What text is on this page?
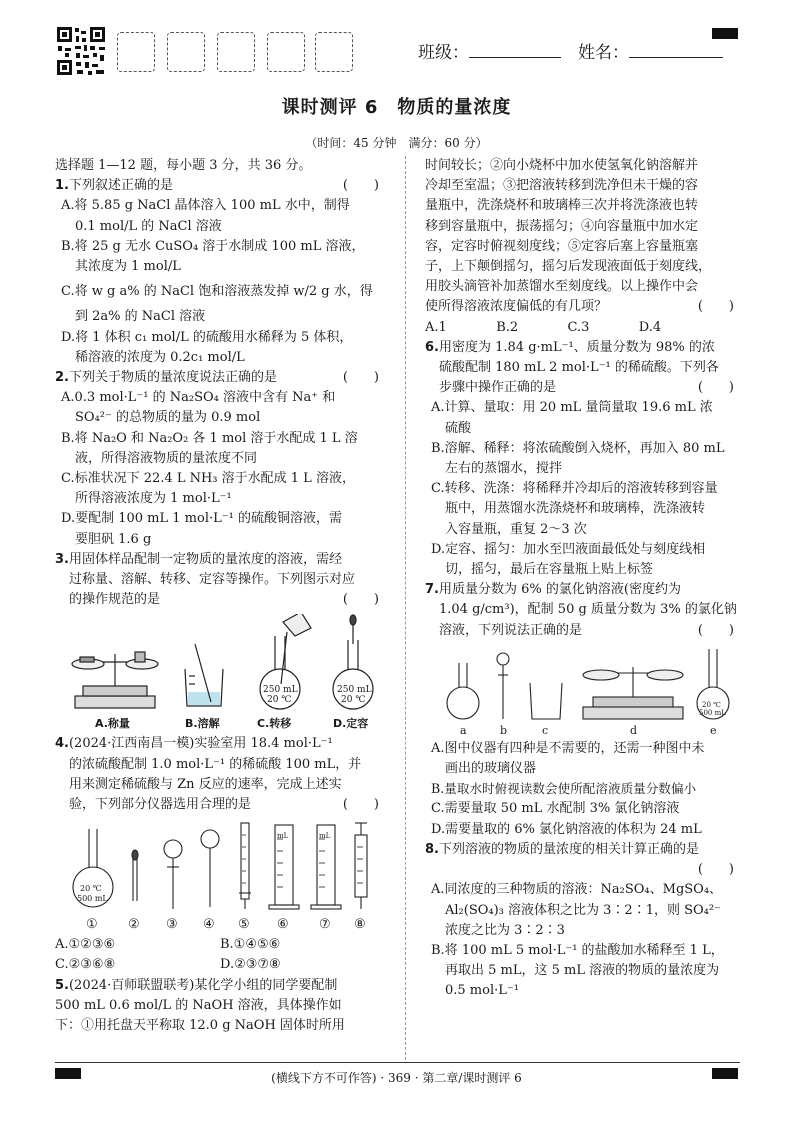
班级：	姓名：
课时测评 6　物质的量浓度
（时间：45 分钟　满分：60 分）
选择题 1—12 题，每小题 3 分，共 36 分。
1.下列叙述正确的是	(　　)
A.将 5.85 g NaCl 晶体溶入 100 mL 水中，制得
0.1 mol/L 的 NaCl 溶液
B.将 25 g 无水 CuSO₄ 溶于水制成 100 mL 溶液，
其浓度为 1 mol/L
C.将 w g a% 的 NaCl 饱和溶液蒸发掉 w/2 g 水，得
到 2a% 的 NaCl 溶液
D.将 1 体积 c₁ mol/L 的硫酸用水稀释为 5 体积，
稀溶液的浓度为 0.2c₁ mol/L
2.下列关于物质的量浓度说法正确的是	(　　)
A.0.3 mol·L⁻¹ 的 Na₂SO₄ 溶液中含有 Na⁺ 和
SO₄²⁻ 的总物质的量为 0.9 mol
B.将 Na₂O 和 Na₂O₂ 各 1 mol 溶于水配成 1 L 溶
液，所得溶液物质的量浓度不同
C.标准状况下 22.4 L NH₃ 溶于水配成 1 L 溶液，
所得溶液浓度为 1 mol·L⁻¹
D.要配制 100 mL 1 mol·L⁻¹ 的硫酸铜溶液，需
要胆矾 1.6 g
3.用固体样品配制一定物质的量浓度的溶液，需经
过称量、溶解、转移、定容等操作。下列图示对应
的操作规范的是	(　　)
250 mL
20 ℃
250 mL
20 ℃
A.称量	B.溶解	C.转移	D.定容
4.(2024·江西南昌一模)实验室用 18.4 mol·L⁻¹
的浓硫酸配制 1.0 mol·L⁻¹ 的稀硫酸 100 mL，并
用来测定稀硫酸与 Zn 反应的速率，完成上述实
验，下列部分仪器选用合理的是	(　　)
20 ℃
500 mL
mL	mL
① ② ③ ④ ⑤ ⑥ ⑦ ⑧
A.①②③⑥	B.①④⑤⑥
C.②③⑥⑧	D.②③⑦⑧
5.(2024·百师联盟联考)某化学小组的同学要配制
500 mL 0.6 mol/L 的 NaOH 溶液，具体操作如
下：①用托盘天平称取 12.0 g NaOH 固体时所用
时间较长；②向小烧杯中加水使氢氧化钠溶解并
冷却至室温；③把溶液转移到洗净但未干燥的容
量瓶中，洗涤烧杯和玻璃棒三次并将洗涤液也转
移到容量瓶中，振荡摇匀；④向容量瓶中加水定
容，定容时俯视刻度线；⑤定容后塞上容量瓶塞
子，上下颠倒摇匀，摇匀后发现液面低于刻度线，
用胶头滴管补加蒸馏水至刻度线。以上操作中会
使所得溶液浓度偏低的有几项？	(　　)
A.1	B.2	C.3	D.4
6.用密度为 1.84 g·mL⁻¹、质量分数为 98% 的浓
硫酸配制 180 mL 2 mol·L⁻¹ 的稀硫酸。下列各
步骤中操作正确的是	(　　)
A.计算、量取：用 20 mL 量筒量取 19.6 mL 浓
硫酸
B.溶解、稀释：将浓硫酸倒入烧杯，再加入 80 mL
左右的蒸馏水，搅拌
C.转移、洗涤：将稀释并冷却后的溶液转移到容量
瓶中，用蒸馏水洗涤烧杯和玻璃棒，洗涤液转
入容量瓶，重复 2～3 次
D.定容、摇匀：加水至凹液面最低处与刻度线相
切，摇匀，最后在容量瓶上贴上标签
7.用质量分数为 6% 的氯化钠溶液(密度约为
1.04 g/cm³)，配制 50 g 质量分数为 3% 的氯化钠
溶液，下列说法正确的是	(　　)
20 ℃
500 mL
a	b	c	d	e
A.图中仪器有四种是不需要的，还需一种图中未
画出的玻璃仪器
B.量取水时俯视读数会使所配溶液质量分数偏小
C.需要量取 50 mL 水配制 3% 氯化钠溶液
D.需要量取的 6% 氯化钠溶液的体积为 24 mL
8.下列溶液的物质的量浓度的相关计算正确的是
(　　)
A.同浓度的三种物质的溶液：Na₂SO₄、MgSO₄、
Al₂(SO₄)₃ 溶液体积之比为 3∶2∶1，则 SO₄²⁻
浓度之比为 3∶2∶3
B.将 100 mL 5 mol·L⁻¹ 的盐酸加水稀释至 1 L，
再取出 5 mL，这 5 mL 溶液的物质的量浓度为
0.5 mol·L⁻¹
(横线下方不可作答) · 369 · 第二章/课时测评 6
